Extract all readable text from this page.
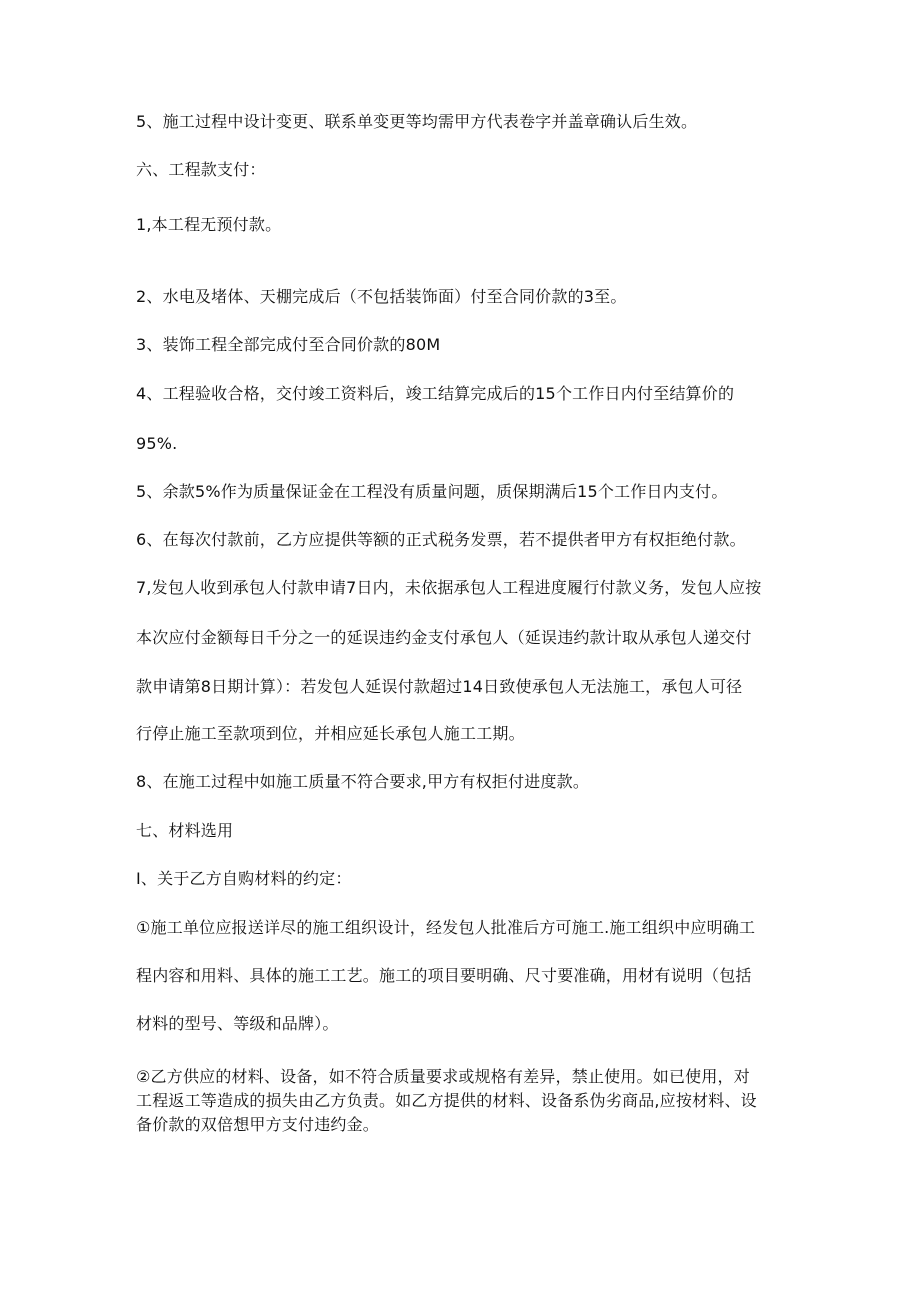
5、施工过程中设计变更、联系单变更等均需甲方代表卷字并盖章确认后生效。
六、工程款支付：
1,本工程无预付款。
2、水电及堵体、天棚完成后（不包括装饰面）付至合同价款的3至。
3、装饰工程全部完成付至合同价款的80M
4、工程验收合格，交付竣工资料后，竣工结算完成后的15个工作日内付至结算价的
95%.
5、余款5%作为质量保证金在工程没有质量问题，质保期满后15个工作日内支付。
6、在每次付款前，乙方应提供等额的正式税务发票，若不提供者甲方有权拒绝付款。
7,发包人收到承包人付款申请7日内，未依据承包人工程进度履行付款义务，发包人应按
本次应付金额每日千分之一的延误违约金支付承包人（延误违约款计取从承包人递交付
款申请第8日期计算）：若发包人延误付款超过14日致使承包人无法施工，承包人可径
行停止施工至款项到位，并相应延长承包人施工工期。
8、在施工过程中如施工质量不符合要求,甲方有权拒付进度款。
七、材料选用
I、关于乙方自购材料的约定：
①施工单位应报送详尽的施工组织设计，经发包人批准后方可施工.施工组织中应明确工
程内容和用料、具体的施工工艺。施工的项目要明确、尺寸要准确，用材有说明（包括
材料的型号、等级和品牌）。
②乙方供应的材料、设备，如不符合质量要求或规格有差异，禁止使用。如已使用，对
工程返工等造成的损失由乙方负责。如乙方提供的材料、设备系伪劣商品,应按材料、设
备价款的双倍想甲方支付违约金。
